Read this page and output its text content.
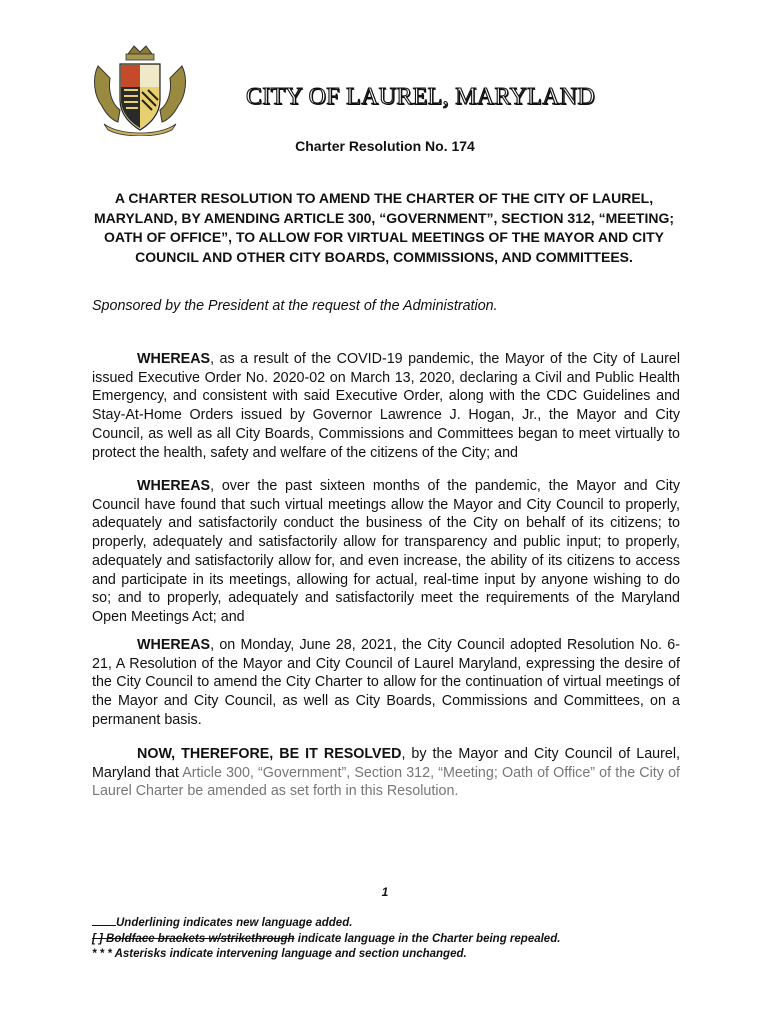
CITY OF LAUREL, MARYLAND
Charter Resolution No. 174
A CHARTER RESOLUTION TO AMEND THE CHARTER OF THE CITY OF LAUREL, MARYLAND, BY AMENDING ARTICLE 300, “GOVERNMENT”, SECTION 312, “MEETING; OATH OF OFFICE”, TO ALLOW FOR VIRTUAL MEETINGS OF THE MAYOR AND CITY COUNCIL AND OTHER CITY BOARDS, COMMISSIONS, AND COMMITTEES.
Sponsored by the President at the request of the Administration.
WHEREAS, as a result of the COVID-19 pandemic, the Mayor of the City of Laurel issued Executive Order No. 2020-02 on March 13, 2020, declaring a Civil and Public Health Emergency, and consistent with said Executive Order, along with the CDC Guidelines and Stay-At-Home Orders issued by Governor Lawrence J. Hogan, Jr., the Mayor and City Council, as well as all City Boards, Commissions and Committees began to meet virtually to protect the health, safety and welfare of the citizens of the City; and
WHEREAS, over the past sixteen months of the pandemic, the Mayor and City Council have found that such virtual meetings allow the Mayor and City Council to properly, adequately and satisfactorily conduct the business of the City on behalf of its citizens; to properly, adequately and satisfactorily allow for transparency and public input; to properly, adequately and satisfactorily allow for, and even increase, the ability of its citizens to access and participate in its meetings, allowing for actual, real-time input by anyone wishing to do so; and to properly, adequately and satisfactorily meet the requirements of the Maryland Open Meetings Act; and
WHEREAS, on Monday, June 28, 2021, the City Council adopted Resolution No. 6-21, A Resolution of the Mayor and City Council of Laurel Maryland, expressing the desire of the City Council to amend the City Charter to allow for the continuation of virtual meetings of the Mayor and City Council, as well as City Boards, Commissions and Committees, on a permanent basis.
NOW, THEREFORE, BE IT RESOLVED, by the Mayor and City Council of Laurel, Maryland that Article 300, “Government”, Section 312, “Meeting; Oath of Office” of the City of Laurel Charter be amended as set forth in this Resolution.
1
Underlining indicates new language added.
[ ] Boldface brackets w/strikethrough indicate language in the Charter being repealed.
* * * Asterisks indicate intervening language and section unchanged.
